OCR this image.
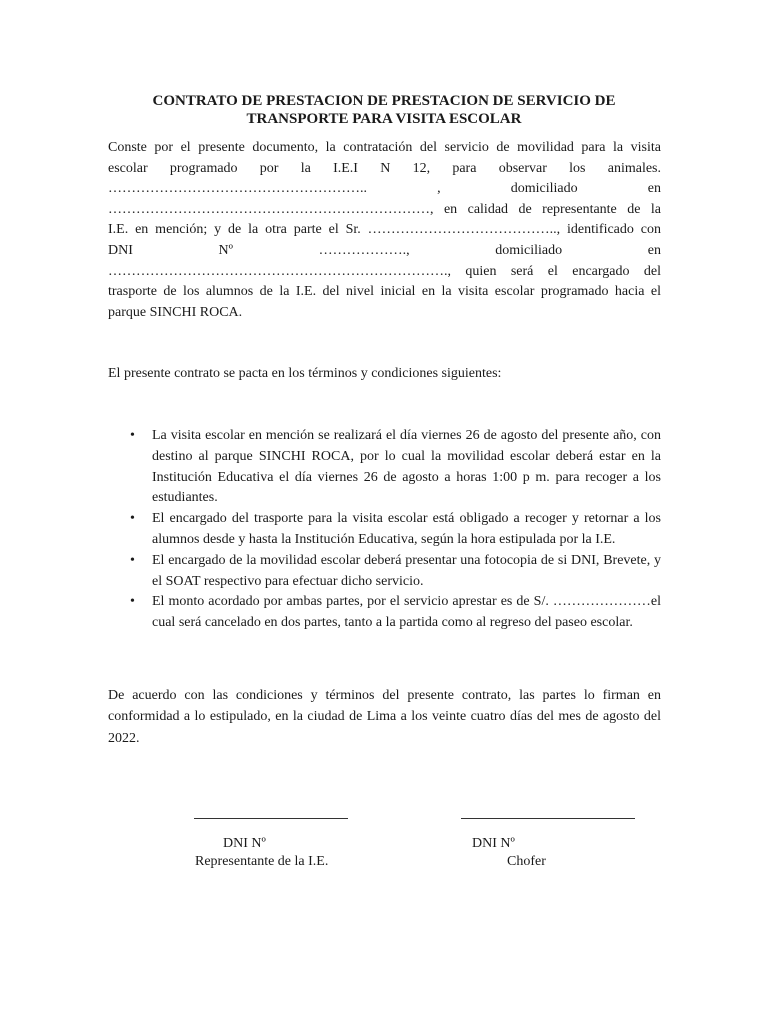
CONTRATO DE PRESTACION DE PRESTACION DE SERVICIO DE
TRANSPORTE PARA VISITA ESCOLAR

Conste por el presente documento, la contratación del servicio de movilidad para la visita
escolar programado por la I.E.I N 12, para observar los animales.
……………………………………………….. , domiciliado en
……………………………………………………………, en calidad de representante de la
I.E. en mención; y de la otra parte el Sr. ………………………………….., identificado con
DNI Nº ………………., domiciliado en
………………………………………………………………., quien será el encargado del
trasporte de los alumnos de la I.E. del nivel inicial en la visita escolar programado hacia el
parque SINCHI ROCA.

El presente contrato se pacta en los términos y condiciones siguientes:

• La visita escolar en mención se realizará el día viernes 26 de agosto del presente año, con destino al parque SINCHI ROCA, por lo cual la movilidad escolar deberá estar en la Institución Educativa el día viernes 26 de agosto a horas 1:00 p m. para recoger a los estudiantes.
• El encargado del trasporte para la visita escolar está obligado a recoger y retornar a los alumnos desde y hasta la Institución Educativa, según la hora estipulada por la I.E.
• El encargado de la movilidad escolar deberá presentar una fotocopia de si DNI, Brevete, y el SOAT respectivo para efectuar dicho servicio.
• El monto acordado por ambas partes, por el servicio aprestar es de S/. …………………el cual será cancelado en dos partes, tanto a la partida como al regreso del paseo escolar.

De acuerdo con las condiciones y términos del presente contrato, las partes lo firman en conformidad a lo estipulado, en la ciudad de Lima a los veinte cuatro días del mes de agosto del 2022.

DNI Nº
Representante de la I.E.
DNI Nº
Chofer
